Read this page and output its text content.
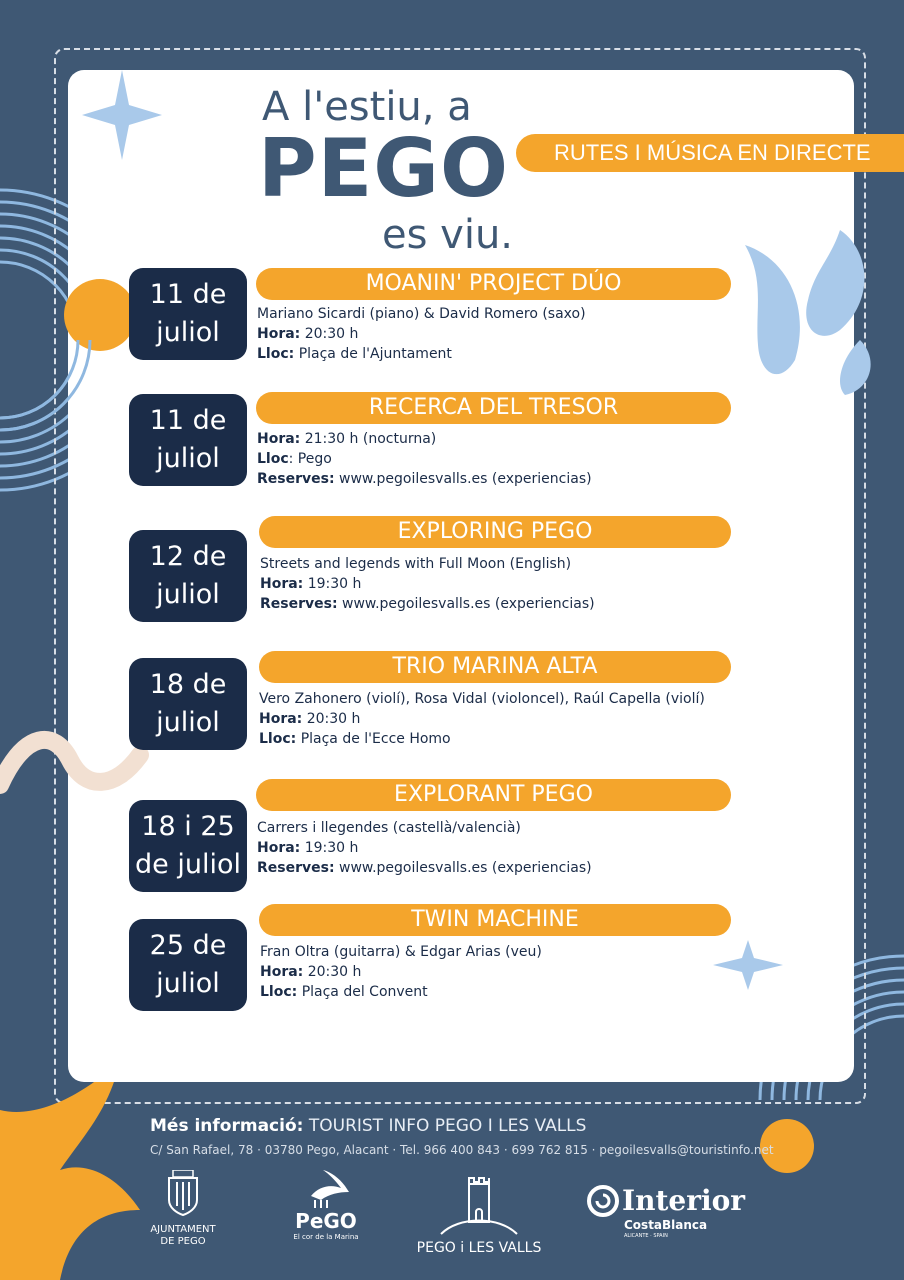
A l'estiu, a
PEGO
es viu.
RUTES I MÚSICA EN DIRECTE
11 de
juliol
MOANIN' PROJECT DÚO
Mariano Sicardi (piano) & David Romero (saxo)
Hora: 20:30 h
Lloc: Plaça de l'Ajuntament
11 de
juliol
RECERCA DEL TRESOR
Hora: 21:30 h (nocturna)
Lloc: Pego
Reserves: www.pegoilesvalls.es (experiencias)
12 de
juliol
EXPLORING PEGO
Streets and legends with Full Moon (English)
Hora: 19:30 h
Reserves: www.pegoilesvalls.es (experiencias)
18 de
juliol
TRIO MARINA ALTA
Vero Zahonero (violí), Rosa Vidal (violoncel), Raúl Capella (violí)
Hora: 20:30 h
Lloc: Plaça de l'Ecce Homo
18 i 25
de juliol
EXPLORANT PEGO
Carrers i llegendes (castellà/valencià)
Hora: 19:30 h
Reserves: www.pegoilesvalls.es (experiencias)
25 de
juliol
TWIN MACHINE
Fran Oltra (guitarra) & Edgar Arias (veu)
Hora: 20:30 h
Lloc: Plaça del Convent
Més informació: TOURIST INFO PEGO I LES VALLS
C/ San Rafael, 78 · 03780 Pego, Alacant · Tel. 966 400 843 · 699 762 815 · pegoilesvalls@touristinfo.net
AJUNTAMENT
DE PEGO
PeGO
El cor de la Marina
PEGO i LES VALLS
Interior
CostaBlanca
ALICANTE · SPAIN
